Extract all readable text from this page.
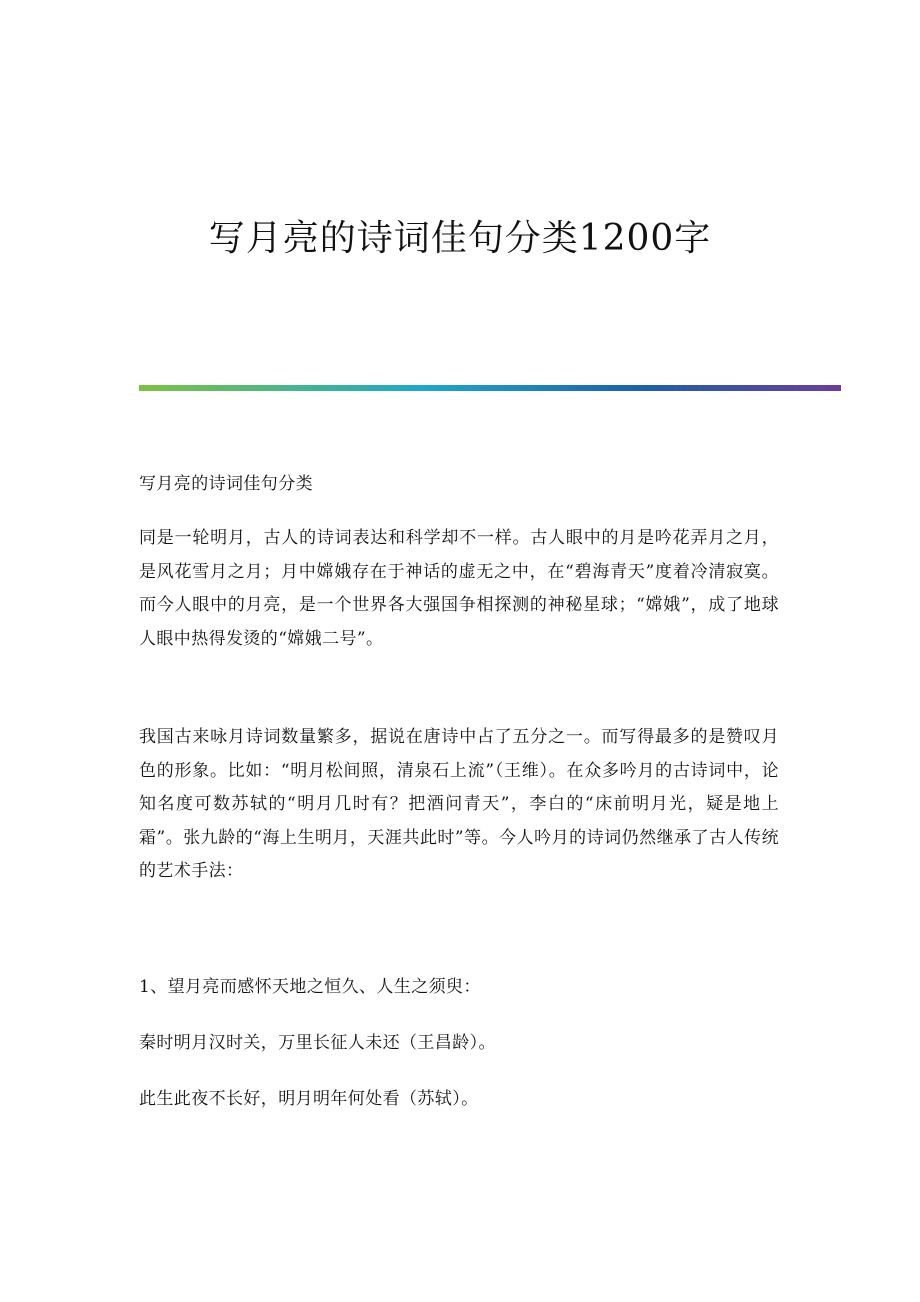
写月亮的诗词佳句分类1200字

写月亮的诗词佳句分类

同是一轮明月，古人的诗词表达和科学却不一样。古人眼中的月是吟花弄月之月，是风花雪月之月；月中嫦娥存在于神话的虚无之中，在“碧海青天”度着冷清寂寞。而今人眼中的月亮，是一个世界各大强国争相探测的神秘星球；“嫦娥”，成了地球人眼中热得发烫的“嫦娥二号”。

我国古来咏月诗词数量繁多，据说在唐诗中占了五分之一。而写得最多的是赞叹月色的形象。比如：“明月松间照，清泉石上流”（王维）。在众多吟月的古诗词中，论知名度可数苏轼的“明月几时有？把酒问青天”，李白的“床前明月光，疑是地上霜”。张九龄的“海上生明月，天涯共此时”等。今人吟月的诗词仍然继承了古人传统的艺术手法：

1、望月亮而感怀天地之恒久、人生之须臾：

秦时明月汉时关，万里长征人未还（王昌龄）。

此生此夜不长好，明月明年何处看（苏轼）。
